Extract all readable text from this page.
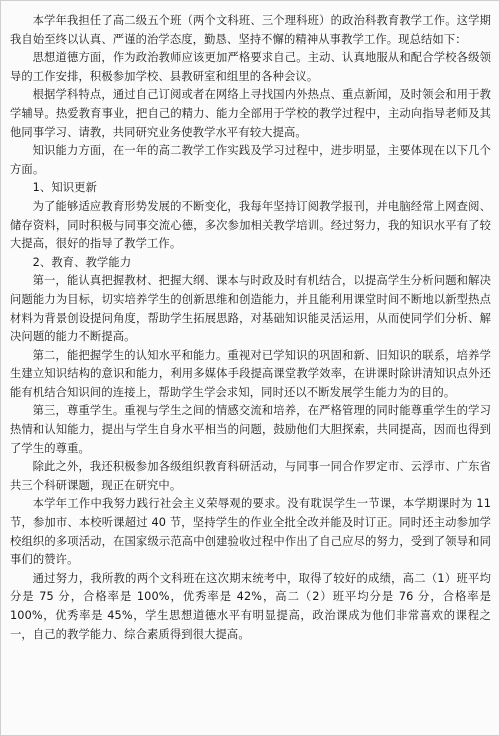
本学年我担任了高二级五个班（两个文科班、三个理科班）的政治科教育教学工作。这学期我自始至终以认真、严谨的治学态度，勤恳、坚持不懈的精神从事教学工作。现总结如下：

思想道德方面，作为政治教师应该更加严格要求自己。主动、认真地服从和配合学校各级领导的工作安排，积极参加学校、县教研室和组里的各种会议。

根据学科特点，通过自己订阅或者在网络上寻找国内外热点、重点新闻，及时领会和用于教学辅导。热爱教育事业，把自己的精力、能力全部用于学校的教学过程中，主动向指导老师及其他同事学习、请教，共同研究业务使教学水平有较大提高。

知识能力方面，在一年的高二教学工作实践及学习过程中，进步明显，主要体现在以下几个方面。

1、知识更新

为了能够适应教育形势发展的不断变化，我每年坚持订阅教学报刊，并电脑经常上网查阅、储存资料，同时积极与同事交流心德，多次参加相关教学培训。经过努力，我的知识水平有了较大提高，很好的指导了教学工作。

2、教育、教学能力

第一，能认真把握教材、把握大纲、课本与时政及时有机结合，以提高学生分析问题和解决问题能力为目标，切实培养学生的创新思维和创造能力，并且能利用课堂时间不断地以新型热点材料为背景创设提问角度，帮助学生拓展思路，对基础知识能灵活运用，从而使同学们分析、解决问题的能力不断提高。

第二，能把握学生的认知水平和能力。重视对已学知识的巩固和新、旧知识的联系，培养学生建立知识结构的意识和能力，利用多媒体手段提高课堂教学效率，在讲课时除讲清知识点外还能有机结合知识间的连接上，帮助学生学会求知，同时还以不断发展学生能力为的目的。

第三，尊重学生。重视与学生之间的情感交流和培养，在严格管理的同时能尊重学生的学习热情和认知能力，提出与学生自身水平相当的问题，鼓励他们大胆探索，共同提高，因而也得到了学生的尊重。

除此之外，我还积极参加各级组织教育科研活动，与同事一同合作罗定市、云浮市、广东省共三个科研课题，现正在研究中。

本学年工作中我努力践行社会主义荣辱观的要求。没有耽误学生一节课，本学期课时为 11 节，参加市、本校听课超过 40 节，坚持学生的作业全批全改并能及时订正。同时还主动参加学校组织的多项活动，在国家级示范高中创建验收过程中作出了自己应尽的努力，受到了领导和同事们的赞许。

通过努力，我所教的两个文科班在这次期末统考中，取得了较好的成绩，高二（1）班平均分是 75 分，合格率是 100%，优秀率是 42%，高二（2）班平均分是 76 分，合格率是 100%，优秀率是 45%，学生思想道德水平有明显提高，政治课成为他们非常喜欢的课程之一，自己的教学能力、综合素质得到很大提高。
